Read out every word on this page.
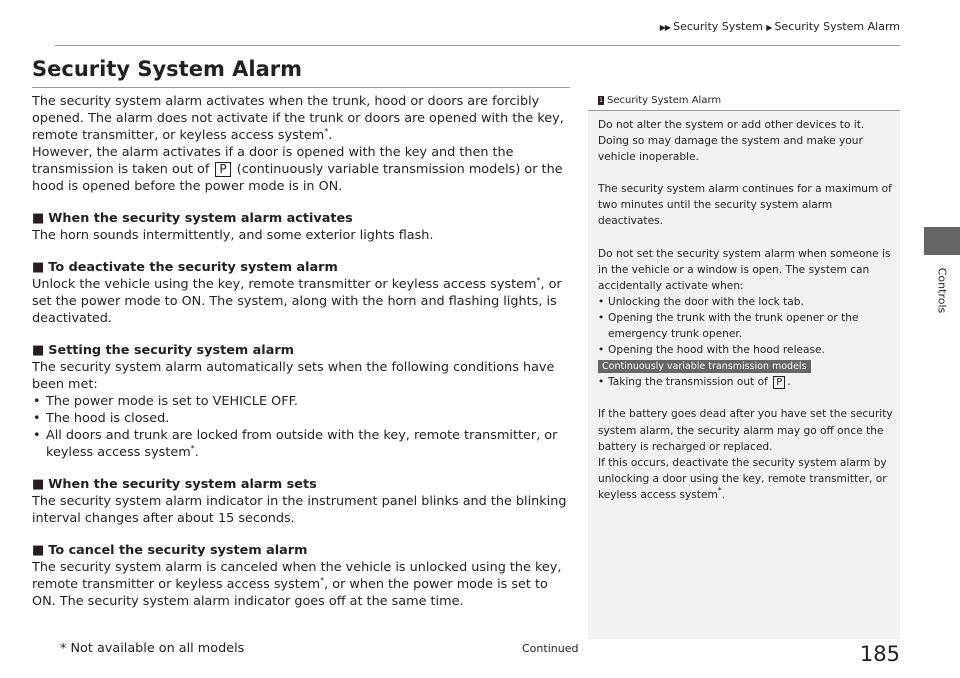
▶▶ Security System ▶ Security System Alarm
Controls
Security System Alarm

The security system alarm activates when the trunk, hood or doors are forcibly opened. The alarm does not activate if the trunk or doors are opened with the key, remote transmitter, or keyless access system*.

However, the alarm activates if a door is opened with the key and then the transmission is taken out of P (continuously variable transmission models) or the hood is opened before the power mode is in ON.

■ When the security system alarm activates

The horn sounds intermittently, and some exterior lights flash.

■ To deactivate the security system alarm

Unlock the vehicle using the key, remote transmitter or keyless access system*, or set the power mode to ON. The system, along with the horn and flashing lights, is deactivated.

■ Setting the security system alarm

The security system alarm automatically sets when the following conditions have been met:

• The power mode is set to VEHICLE OFF.
• The hood is closed.
• All doors and trunk are locked from outside with the key, remote transmitter, or keyless access system*.

■ When the security system alarm sets

The security system alarm indicator in the instrument panel blinks and the blinking interval changes after about 15 seconds.

■ To cancel the security system alarm

The security system alarm is canceled when the vehicle is unlocked using the key, remote transmitter or keyless access system*, or when the power mode is set to ON. The security system alarm indicator goes off at the same time.

1 Security System Alarm

Do not alter the system or add other devices to it. Doing so may damage the system and make your vehicle inoperable.

The security system alarm continues for a maximum of two minutes until the security system alarm deactivates.

Do not set the security system alarm when someone is in the vehicle or a window is open. The system can accidentally activate when:

• Unlocking the door with the lock tab.
• Opening the trunk with the trunk opener or the emergency trunk opener.
• Opening the hood with the hood release.
Continuously variable transmission models
• Taking the transmission out of P .

If the battery goes dead after you have set the security system alarm, the security alarm may go off once the battery is recharged or replaced.

If this occurs, deactivate the security system alarm by unlocking a door using the key, remote transmitter, or keyless access system*.

* Not available on all models	Continued	185
